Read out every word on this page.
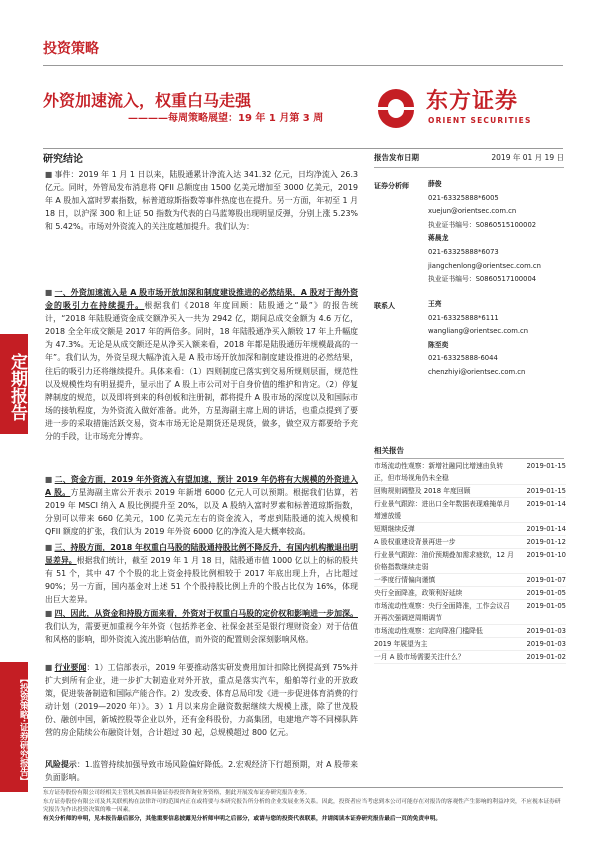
定期报告
【投资策略·证券研究报告】
投资策略
外资加速流入，权重白马走强
————每周策略展望：19 年 1 月第 3 周
东方证券
ORIENT SECURITIES
研究结论	报告发布日期	2019 年 01 月 19 日
证券分析师	薛俊
021-63325888*6005
xuejun@orientsec.com.cn
执业证书编号：S0860515100002
蒋晨龙
021-63325888*6073
jiangchenlong@orientsec.com.cn
执业证书编号：S0860517100004
联系人	王亮
021-63325888*6111
wangliang@orientsec.com.cn
陈至奕
021-63325888-6044
chenzhiyi@orientsec.com.cn
相关报告
市场流动性观察：新增社融同比增速由负转正，但市场视角仍未全稳
2019-01-15
回购规则调整及 2018 年度回顾	2019-01-15
行业景气跟踪：进出口全年数据表现难掩单月增速放缓
2019-01-14
短期继续反弹	2019-01-14
A 股权重建设背景再进一步	2019-01-12
行业景气跟踪：油价预期叠加需求疲软，12 月价格指数继续走弱
2019-01-10
一季度行情偏向谨慎	2019-01-07
央行全面降准，政策利好延续	2019-01-05
市场流动性观察：央行全面降准，工作会议召开再次强调逆周期调节
2019-01-05
市场流动性观察：定向降准门槛降低	2019-01-03
2019 年展望为主	2019-01-03
一月 A 股市场需要关注什么？	2019-01-02
■ 事件：2019 年 1 月 1 日以来，陆股通累计净流入达 341.32 亿元，日均净流入 26.3 亿元。同时，外管局发布消息将 QFII 总额度由 1500 亿美元增加至 3000 亿美元，2019 年 A 股加入富时罗素指数，标普道琼斯指数等事件热度也在提升。另一方面，年初至 1 月 18 日，以沪深 300 和上证 50 指数为代表的白马蓝筹股出现明显反弹，分别上涨 5.23%和 5.42%。市场对外资流入的关注度越加提升。我们认为：
■ 一、外资加速流入是 A 股市场开放加深和制度建设推进的必然结果，A 股对于海外资金的吸引力在持续提升。根据我们《2018 年度回顾：陆股通之“最”》的报告统计，“2018 年陆股通资金成交额净买入一共为 2942 亿，期间总成交金额为 4.6 万亿，2018 全全年成交额是 2017 年的两倍多。同时，18 年陆股通净买入额较 17 年上升幅度为 47.3%。无论是从成交额还是从净买入额来看，2018 年都是陆股通历年规模最高的一年”。我们认为，外资呈现大幅净流入是 A 股市场开放加深和制度建设推进的必然结果，往后的吸引力还将继续提升。具体来看：（1）四则制度已落实到交易所规则层面，规范性以及规模性均有明显提升，显示出了 A 股上市公司对于自身价值的维护和肯定。（2）停复牌制度的规范，以及即将到来的科创板和注册制，都将提升 A 股市场的深度以及和国际市场的接轨程度，为外资流入做好准备。此外，方星海副主席上周的讲话，也重点提到了要进一步的采取措施活跃交易，资本市场无论是期货还是现货，做多，做空双方都要给予充分的手段，让市场充分博弈。
■ 二、资金方面，2019 年外资流入有望加速，预计 2019 年仍将有大规模的外资进入 A 股。方星海副主席公开表示 2019 年新增 6000 亿元人可以预期。根据我们估算，若 2019 年 MSCI 纳入 A 股比例提升至 20%，以及 A 股纳入富时罗素和标普道琼斯指数，分别可以带来 660 亿美元，100 亿美元左右的资金流入，考虑到陆股通的流入规模和 QFII 额度的扩张，我们认为 2019 年外资 6000 亿的净流入是大概率较高。
■ 三、持股方面，2018 年权重白马股的陆股通持股比例不降反升，有国内机构撤退出明显差异。根据我们统计，截至 2019 年 1 月 18 日，陆股通市值 1000 亿以上的标的股共有 51 个，其中 47 个个股的北上资金持股比例相较于 2017 年底出现上升，占比超过 90%；另一方面，国内基金对上述 51 个个股持股比例上升的个股占比仅为 16%，体现出巨大差异。
■ 四、因此，从资金和持股方面来看，外资对于权重白马股的定价权和影响进一步加深。我们认为，需要更加重视今年外资（包括养老金、社保金甚至是银行理财资金）对于估值和风格的影响，即外资流入流出影响估值，而外资的配置则会深刻影响风格。
■ 行业要闻：1）工信部表示，2019 年要推动落实研发费用加计扣除比例提高到 75%并扩大到所有企业，进一步扩大制造业对外开放，重点是落实汽车，船舶等行业的开放政策，促进装备制造和国际产能合作。2）发改委、体育总局印发《进一步促进体育消费的行动计划（2019—2020 年）》。3）1 月以来房企融资数据继续大规模上涨，除了世茂股份、融创中国，新城控股等企业以外，还有金科股份，力高集团，电建地产等不同梯队阵营的房企陆续公布融资计划，合计超过 30 起，总规模超过 800 亿元。
风险提示：1.监管持续加强导致市场风险偏好降低。2.宏观经济下行超预期，对 A 股带来负面影响。
东方证券股份有限公司经相关主管机关核准具备证券投资咨询业务资格，据此开展发布证券研究报告业务。
东方证券股份有限公司及其关联机构在法律许可的范围内正在或将要与本研究报告所分析的企业发展业务关系。因此，投资者应当考虑到本公司可能存在对报告的客观性产生影响的利益冲突，不应视本证券研究报告为作出投资决策的唯一因素。
有关分析师的申明，见本报告最后部分，其他重要信息披露见分析师申明之后部分，或请与您的投资代表联系，并请阅读本证券研究报告最后一页的免责申明。
